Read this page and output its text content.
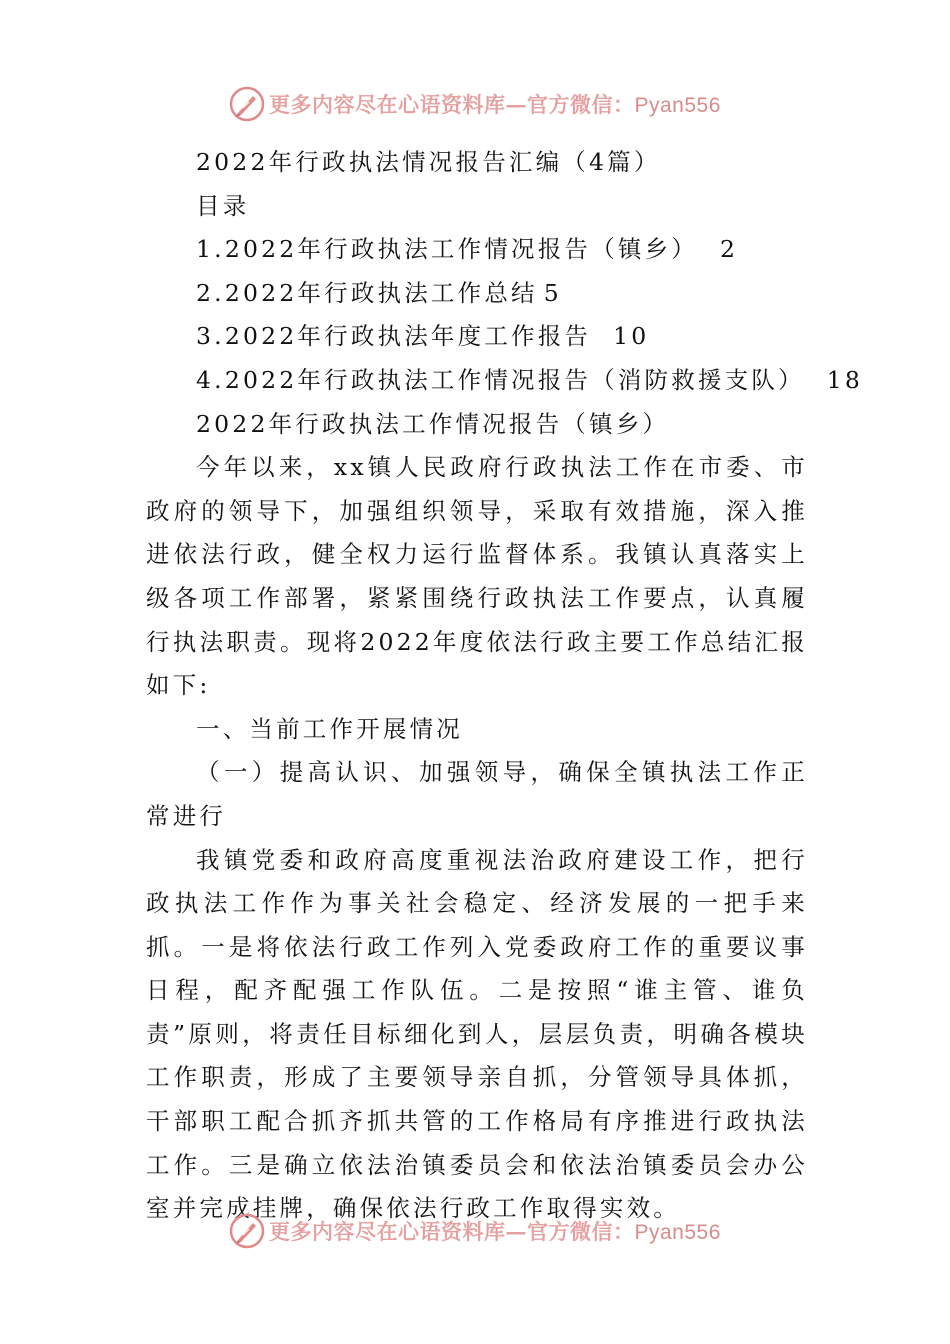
更多内容尽在心语资料库—官方微信：Pyan556
2022年行政执法情况报告汇编（4篇）
目录
1.2022年行政执法工作情况报告（镇乡） 2
2.2022年行政执法工作总结 5
3.2022年行政执法年度工作报告 10
4.2022年行政执法工作情况报告（消防救援支队） 18
2022年行政执法工作情况报告（镇乡）

今年以来，xx镇人民政府行政执法工作在市委、市政府的领导下，加强组织领导，采取有效措施，深入推进依法行政，健全权力运行监督体系。我镇认真落实上级各项工作部署，紧紧围绕行政执法工作要点，认真履行执法职责。现将2022年度依法行政主要工作总结汇报如下:

一、当前工作开展情况

（一）提高认识、加强领导，确保全镇执法工作正常进行

我镇党委和政府高度重视法治政府建设工作，把行政执法工作作为事关社会稳定、经济发展的一把手来抓。一是将依法行政工作列入党委政府工作的重要议事日程，配齐配强工作队伍。二是按照“谁主管、谁负责”原则，将责任目标细化到人，层层负责，明确各模块工作职责，形成了主要领导亲自抓，分管领导具体抓，干部职工配合抓齐抓共管的工作格局有序推进行政执法工作。三是确立依法治镇委员会和依法治镇委员会办公室并完成挂牌，确保依法行政工作取得实效。

更多内容尽在心语资料库—官方微信：Pyan556
